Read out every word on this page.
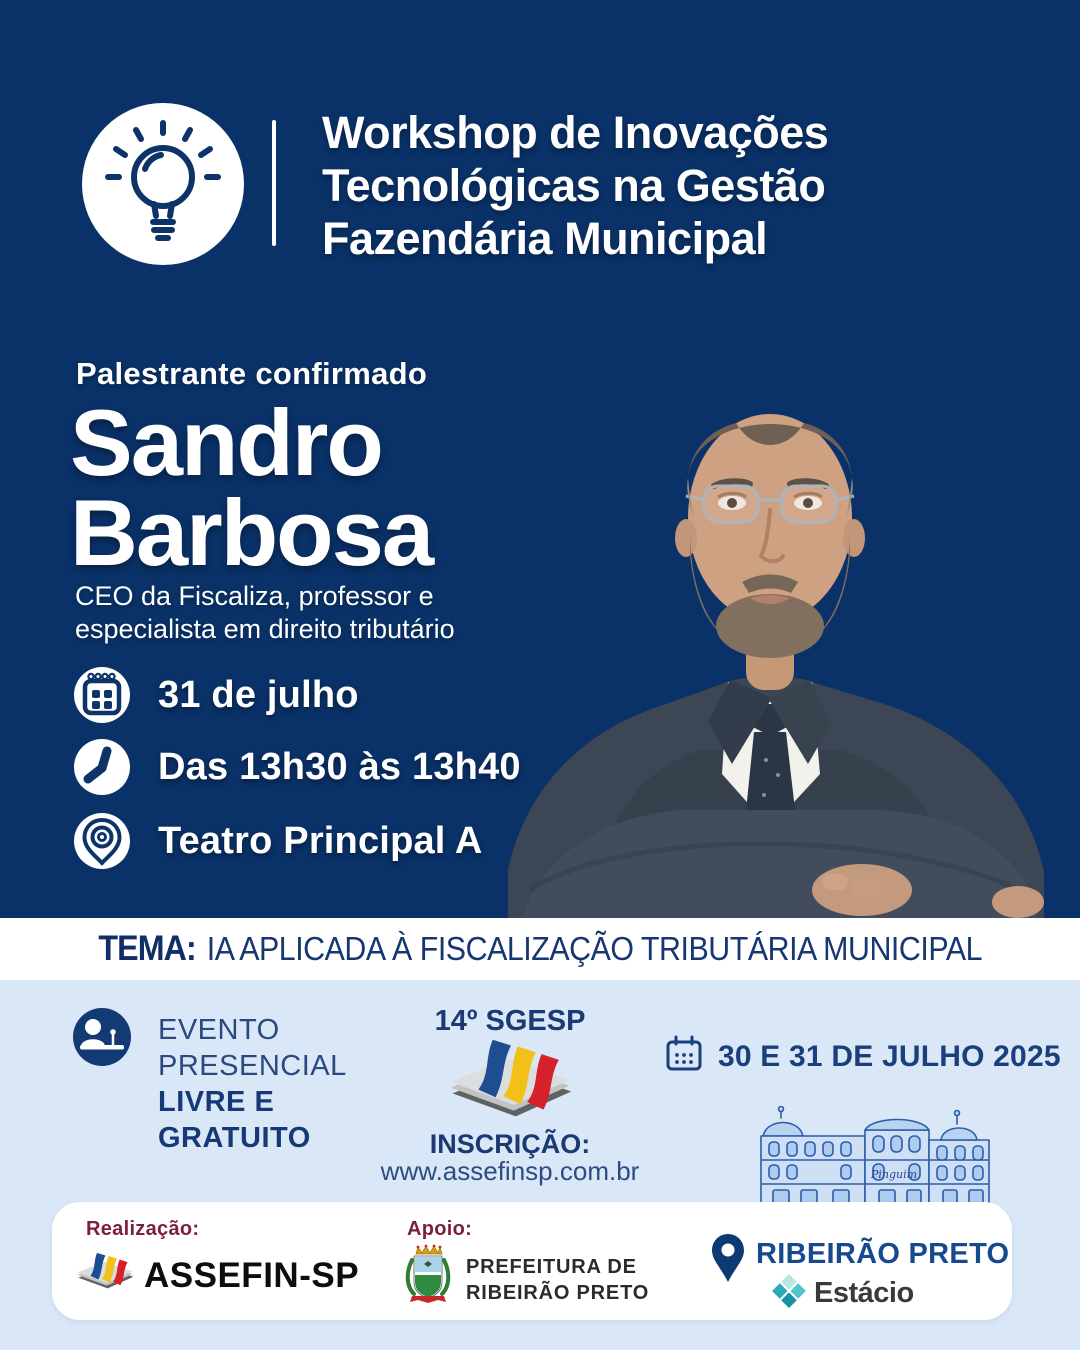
Workshop de Inovações
Tecnológicas na Gestão
Fazendária Municipal
Palestrante confirmado
Sandro
Barbosa
CEO da Fiscaliza, professor e
especialista em direito tributário
31 de julho
Das 13h30 às 13h40
Teatro Principal A
TEMA: IA APLICADA À FISCALIZAÇÃO TRIBUTÁRIA MUNICIPAL
EVENTO
PRESENCIAL
LIVRE E
GRATUITO
14º SGESP
INSCRIÇÃO:
www.assefinsp.com.br
30 E 31 DE JULHO 2025
Pinguim
Realização:
ASSEFIN-SP
Apoio:
PREFEITURA DE
RIBEIRÃO PRETO
RIBEIRÃO PRETO
Estácio
